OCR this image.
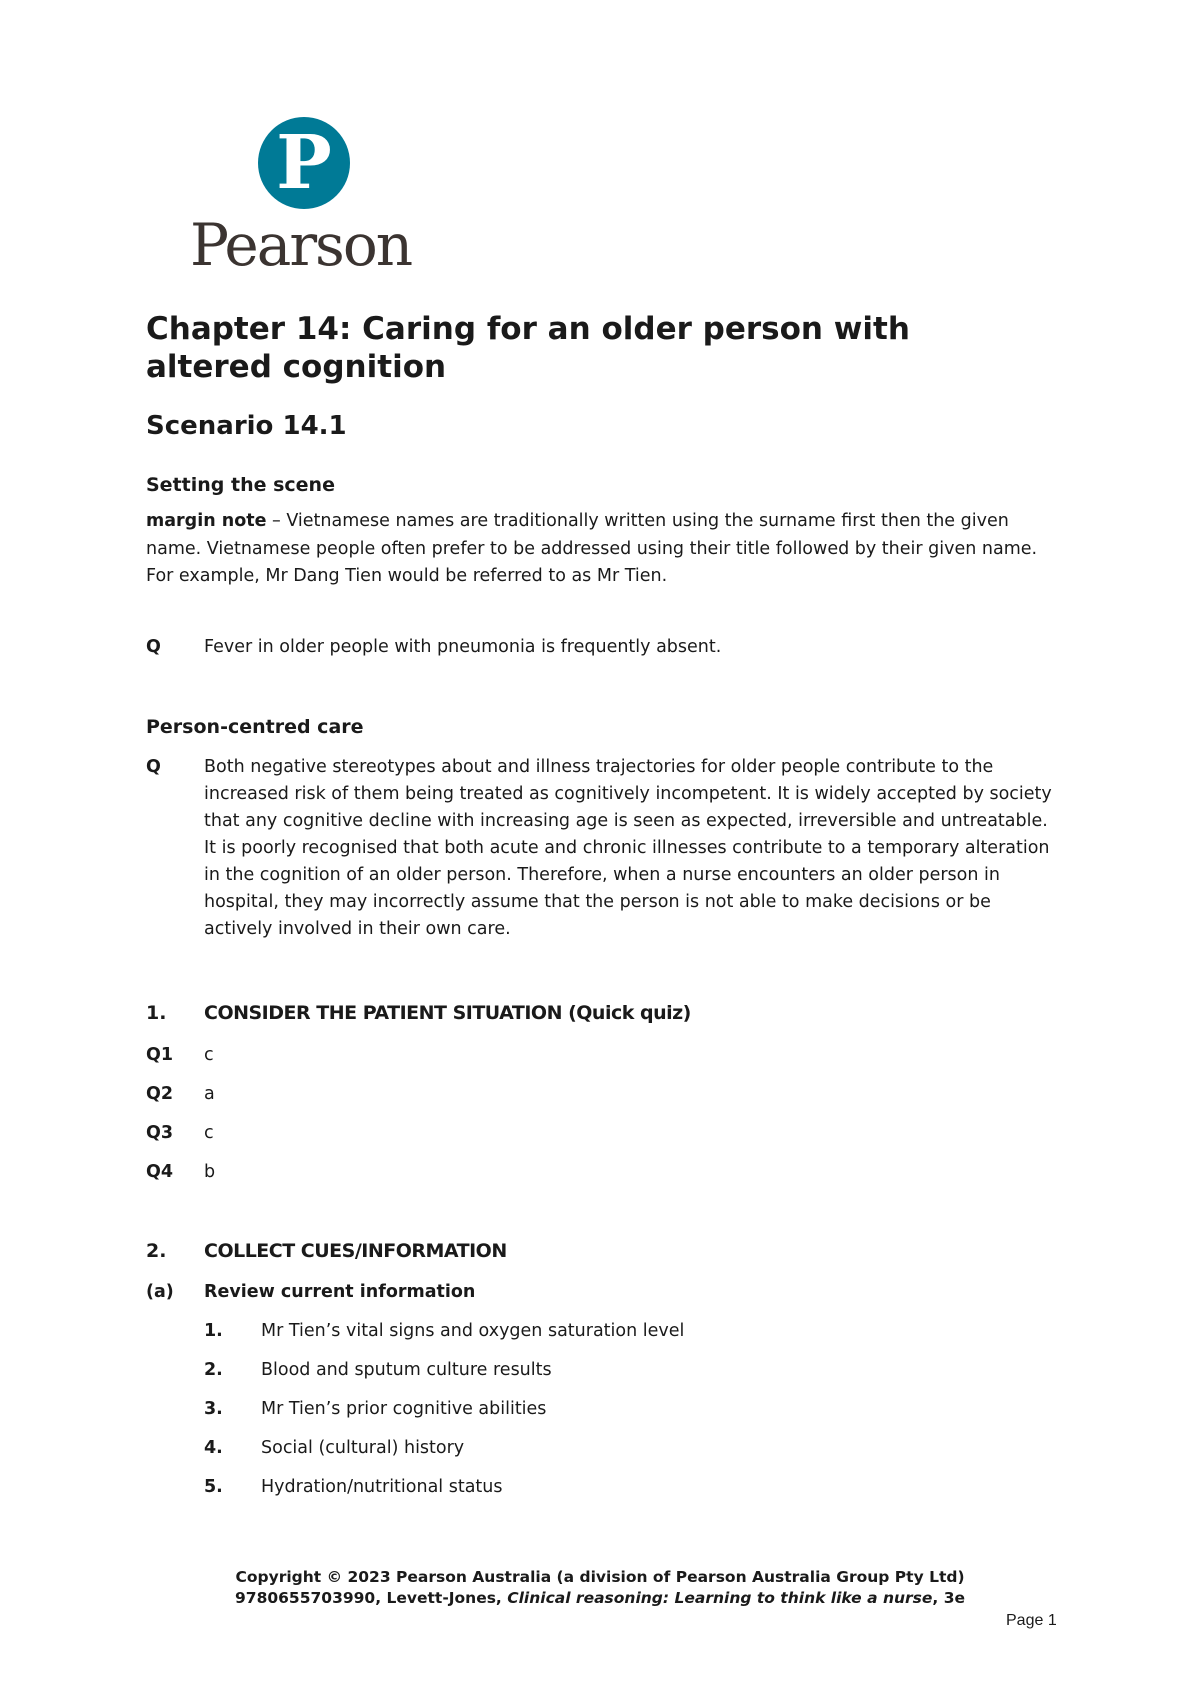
P
Pearson
Chapter 14: Caring for an older person with altered cognition
Scenario 14.1
Setting the scene

margin note – Vietnamese names are traditionally written using the surname first then the given name. Vietnamese people often prefer to be addressed using their title followed by their given name. For example, Mr Dang Tien would be referred to as Mr Tien.

Q	Fever in older people with pneumonia is frequently absent.
Person-centred care
Q	Both negative stereotypes about and illness trajectories for older people contribute to the increased risk of them being treated as cognitively incompetent. It is widely accepted by society that any cognitive decline with increasing age is seen as expected, irreversible and untreatable. It is poorly recognised that both acute and chronic illnesses contribute to a temporary alteration in the cognition of an older person. Therefore, when a nurse encounters an older person in hospital, they may incorrectly assume that the person is not able to make decisions or be actively involved in their own care.
1. CONSIDER THE PATIENT SITUATION (Quick quiz)
Q1	c
Q2	a
Q3	c
Q4	b
2. COLLECT CUES/INFORMATION
(a)	Review current information
1. Mr Tien’s vital signs and oxygen saturation level
2. Blood and sputum culture results
3. Mr Tien’s prior cognitive abilities
4. Social (cultural) history
5. Hydration/nutritional status
Copyright © 2023 Pearson Australia (a division of Pearson Australia Group Pty Ltd)
9780655703990, Levett-Jones, Clinical reasoning: Learning to think like a nurse, 3e
Page 1
